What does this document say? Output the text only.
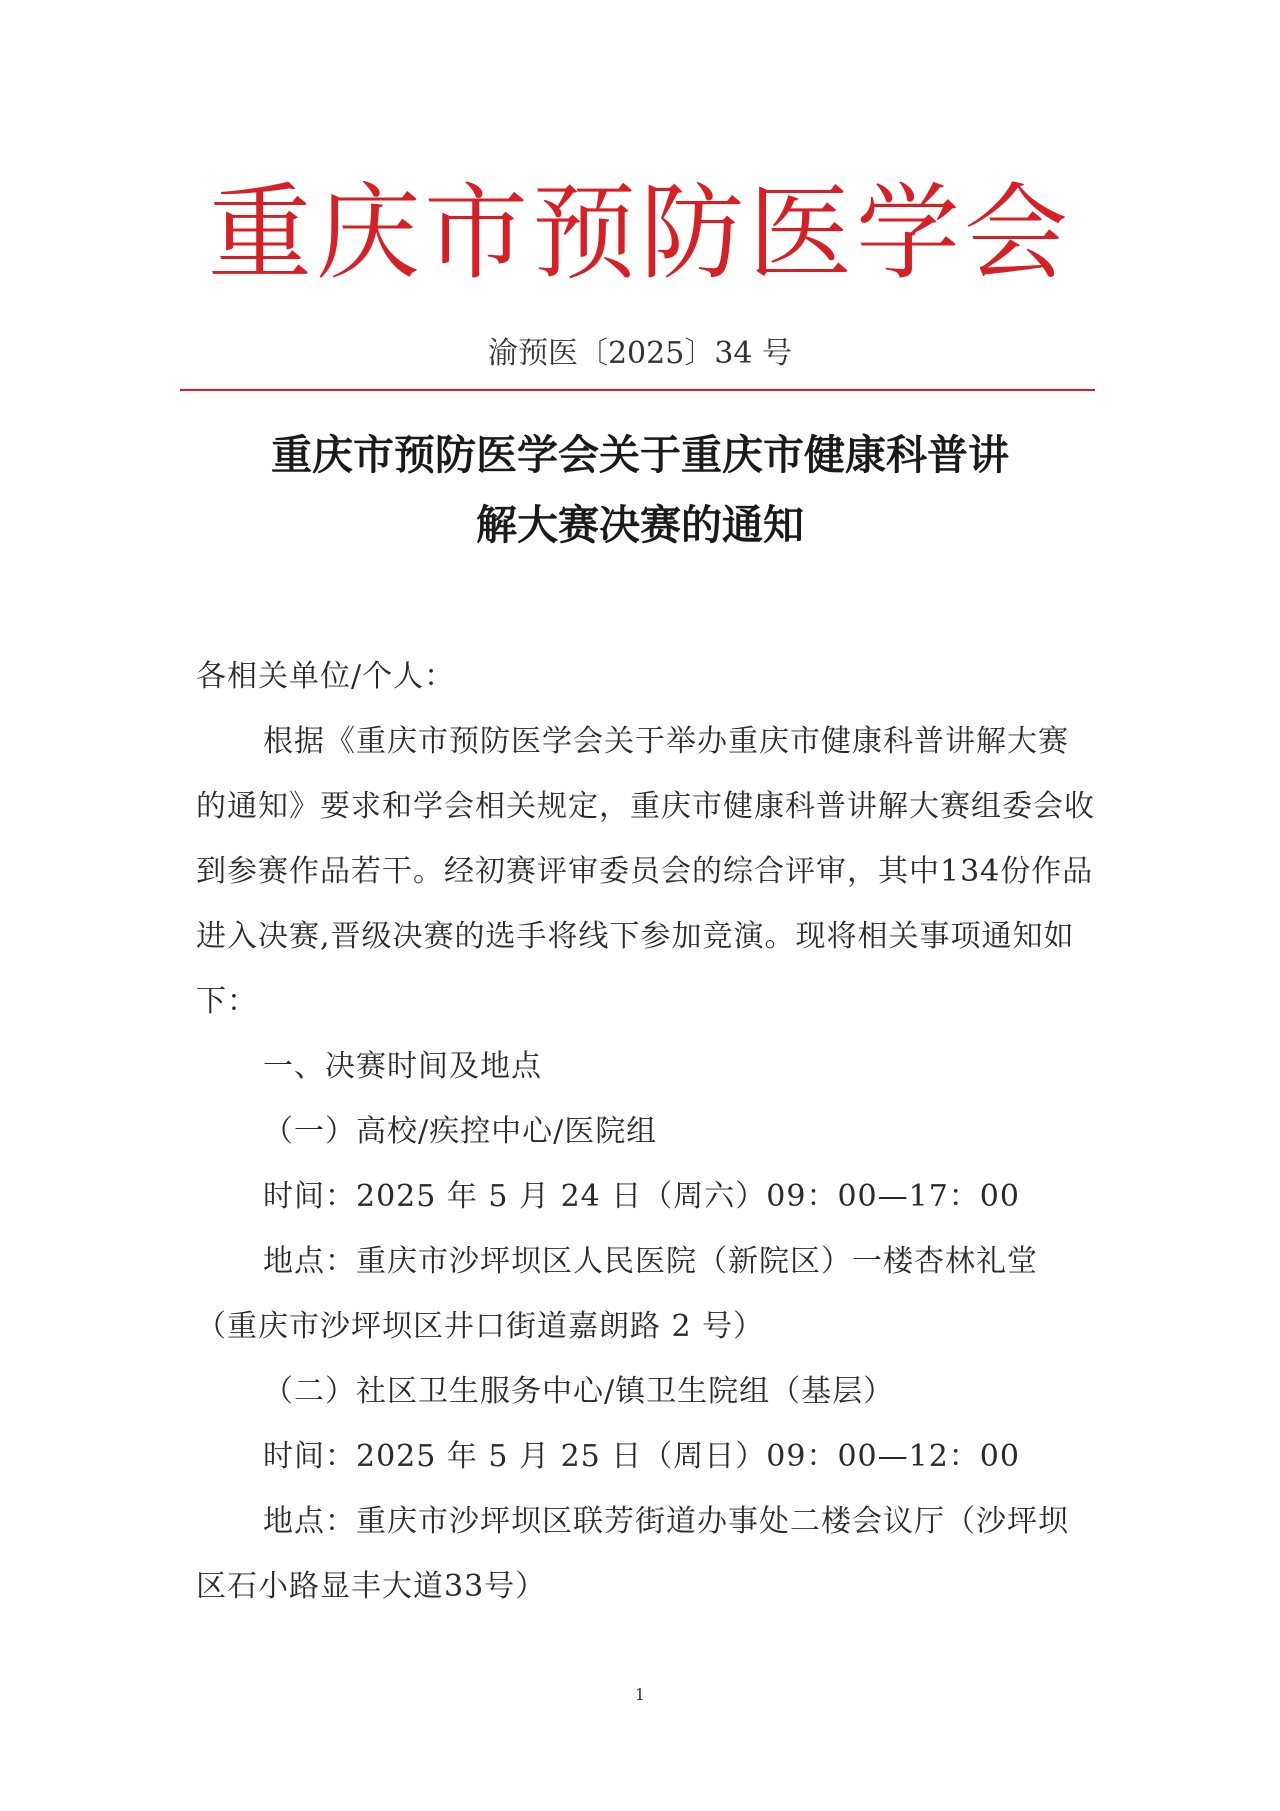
重庆市预防医学会
渝预医〔2025〕34 号
重庆市预防医学会关于重庆市健康科普讲
解大赛决赛的通知

各相关单位/个人：

根据《重庆市预防医学会关于举办重庆市健康科普讲解大赛的通知》要求和学会相关规定，重庆市健康科普讲解大赛组委会收到参赛作品若干。经初赛评审委员会的综合评审，其中134份作品进入决赛,晋级决赛的选手将线下参加竞演。现将相关事项通知如下：

一、决赛时间及地点

（一）高校/疾控中心/医院组

时间：2025 年 5 月 24 日（周六）09：00—17：00

地点：重庆市沙坪坝区人民医院（新院区）一楼杏林礼堂（重庆市沙坪坝区井口街道嘉朗路 2 号）

（二）社区卫生服务中心/镇卫生院组（基层）

时间：2025 年 5 月 25 日（周日）09：00—12：00

地点：重庆市沙坪坝区联芳街道办事处二楼会议厅（沙坪坝区石小路显丰大道33号）

1
